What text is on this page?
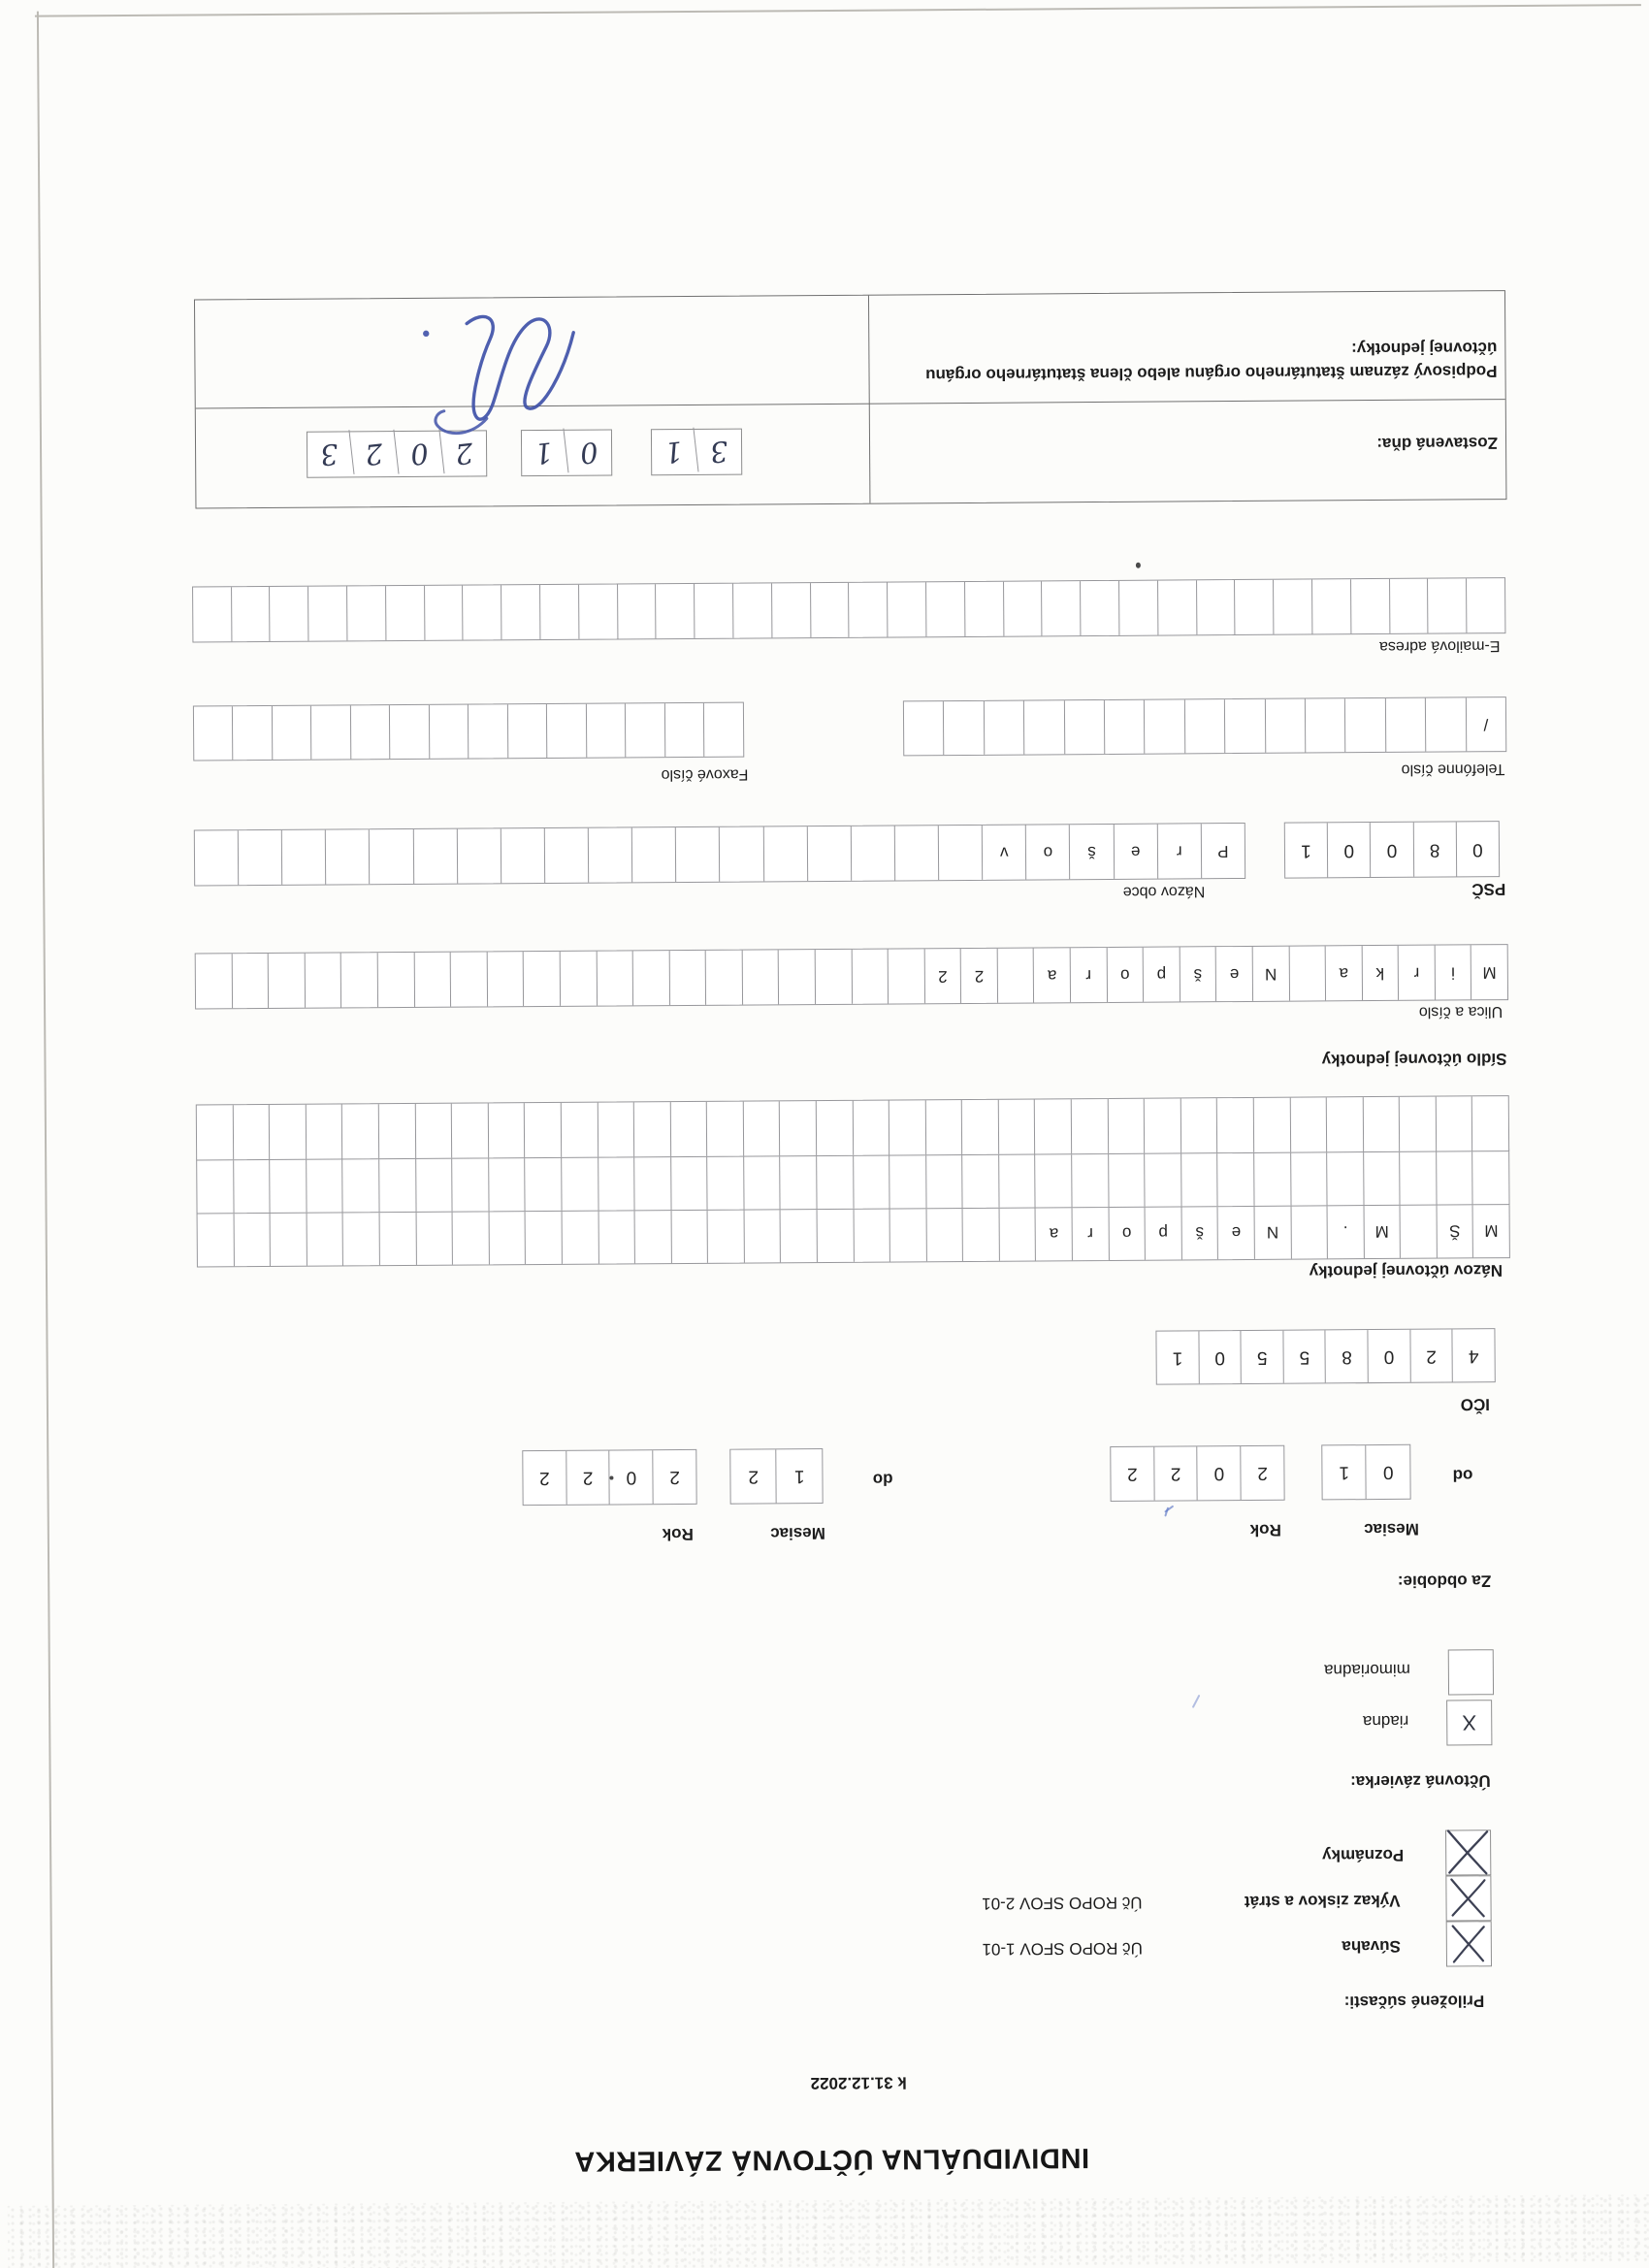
INDIVIDUÁLNA ÚČTOVNÁ ZÁVIERKA
k 31.12.2022
Priložené súčasti:
Súvaha
Úč ROPO SFOV 1-01
Výkaz ziskov a strát
Úč ROPO SFOV 2-01
Poznámky
Účtovná závierka:
X
riadna
mimoriadna
Za obdobie:
Mesiac
Rok
od
0
1
2
0
2
2
Mesiac
Rok
do
1
2
2
0
2
2
IČO
4
2
0
8
5
5
0
1
Názov účtovnej jednotky
M
Š
M
.
N
e
š
p
o
r
a
Sídlo účtovnej jednotky
Ulica a číslo
M
i
r
k
a
N
e
š
p
o
r
a
2
2
PSČ
Názov obce
0
8
0
0
1
P
r
e
š
o
v
Telefónne číslo
Faxové číslo
/
E-mailová adresa
Zostavená dňa:
3
1
0
1
2
0
2
3
Podpisový záznam štatutárneho orgánu alebo člena štatutárneho orgánu
účtovnej jednotky:
